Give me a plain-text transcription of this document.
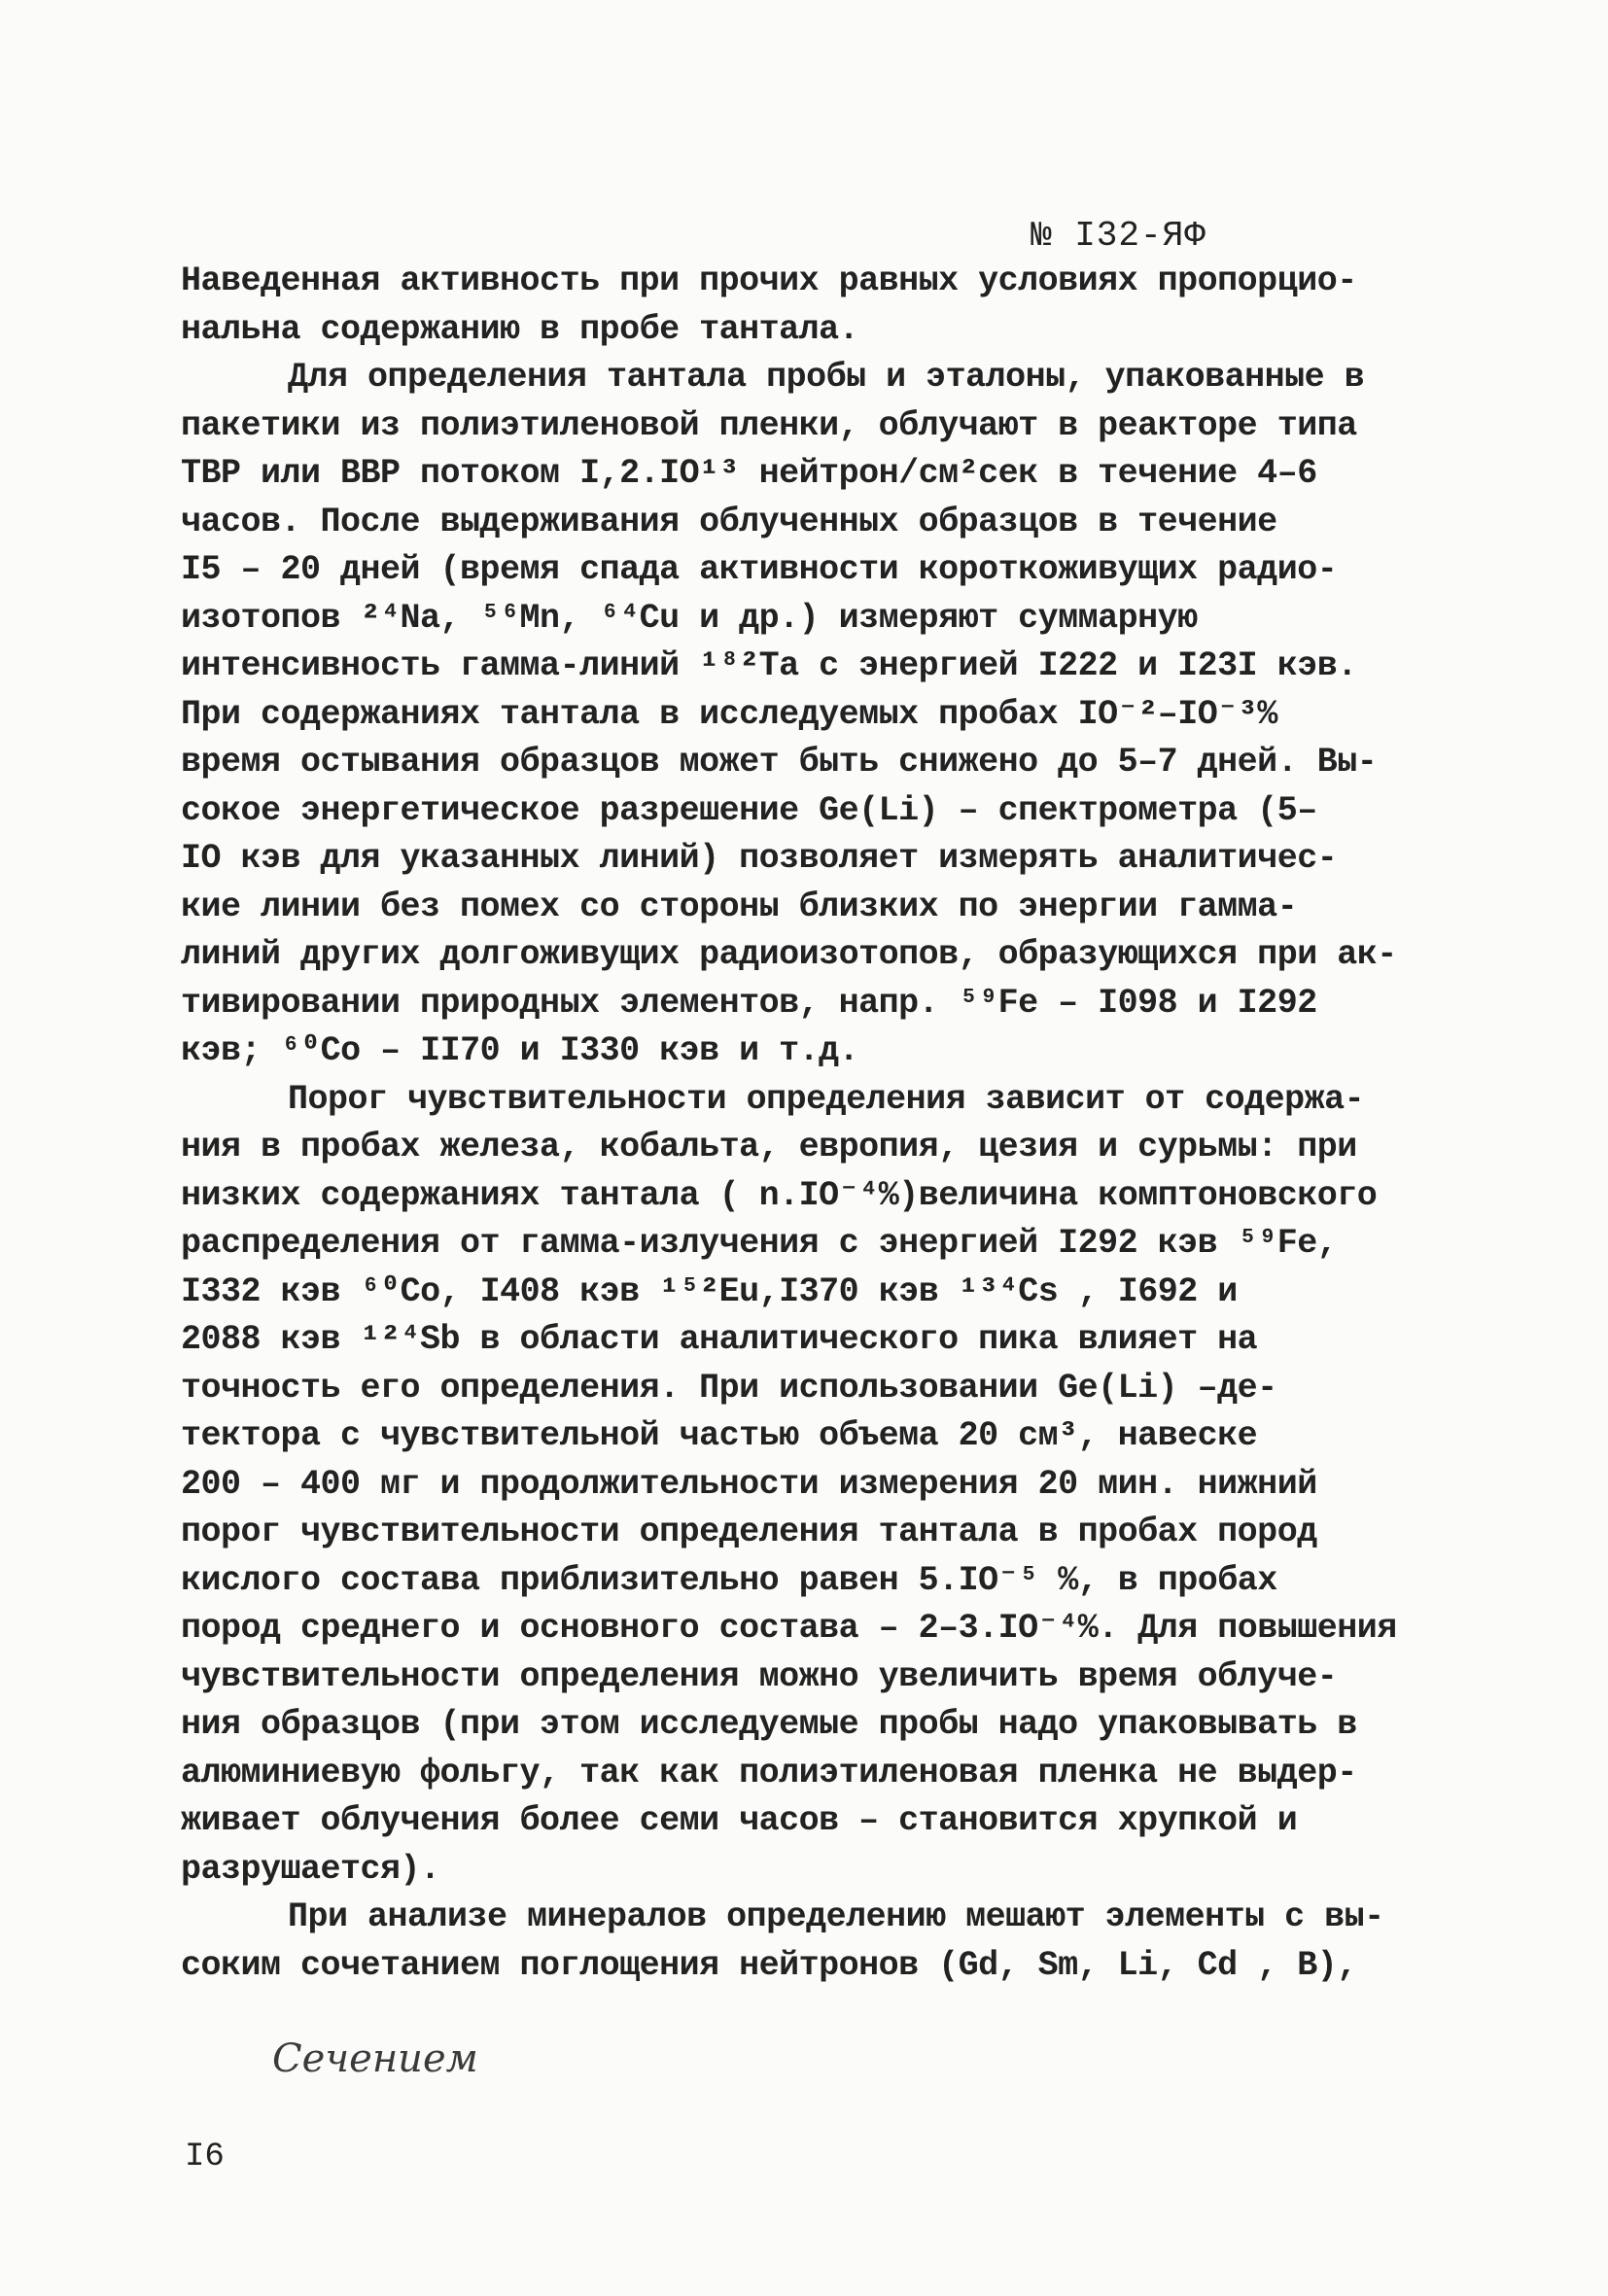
№ I32-ЯФ
Наведенная активность при прочих равных условиях пропорцио-
нальна содержанию в пробе тантала.
Для определения тантала пробы и эталоны, упакованные в
пакетики из полиэтиленовой пленки, облучают в реакторе типа
ТВР или ВВР потоком I,2.IO¹³ нейтрон/см²сек в течение 4–6
часов. После выдерживания облученных образцов в течение
I5 – 20 дней (время спада активности короткоживущих радио-
изотопов ²⁴Na, ⁵⁶Mn, ⁶⁴Cu и др.) измеряют суммарную
интенсивность гамма-линий ¹⁸²Та с энергией I222 и I23I кэв.
При содержаниях тантала в исследуемых пробах IO⁻²–IO⁻³%
время остывания образцов может быть снижено до 5–7 дней. Вы-
сокое энергетическое разрешение Ge(Li) – спектрометра (5–
IO кэв для указанных линий) позволяет измерять аналитичес-
кие линии без помех со стороны близких по энергии гамма-
линий других долгоживущих радиоизотопов, образующихся при ак-
тивировании природных элементов, напр. ⁵⁹Fe – I098 и I292
кэв; ⁶⁰Co – II70 и I330 кэв и т.д.
Порог чувствительности определения зависит от содержа-
ния в пробах железа, кобальта, европия, цезия и сурьмы: при
низких содержаниях тантала ( n.IO⁻⁴%)величина комптоновского
распределения от гамма-излучения с энергией I292 кэв ⁵⁹Fe,
I332 кэв ⁶⁰Co, I408 кэв ¹⁵²Eu,I370 кэв ¹³⁴Cs , I692 и
2088 кэв ¹²⁴Sb в области аналитического пика влияет на
точность его определения. При использовании Ge(Li) –де-
тектора с чувствительной частью объема 20 см³, навеске
200 – 400 мг и продолжительности измерения 20 мин. нижний
порог чувствительности определения тантала в пробах пород
кислого состава приблизительно равен 5.IO⁻⁵ %, в пробах
пород среднего и основного состава – 2–3.IO⁻⁴%. Для повышения
чувствительности определения можно увеличить время облуче-
ния образцов (при этом исследуемые пробы надо упаковывать в
алюминиевую фольгу, так как полиэтиленовая пленка не выдер-
живает облучения более семи часов – становится хрупкой и
разрушается).
При анализе минералов определению мешают элементы с вы-
соким сочетанием поглощения нейтронов (Gd, Sm, Li, Cd , B),
Сечением
I6
